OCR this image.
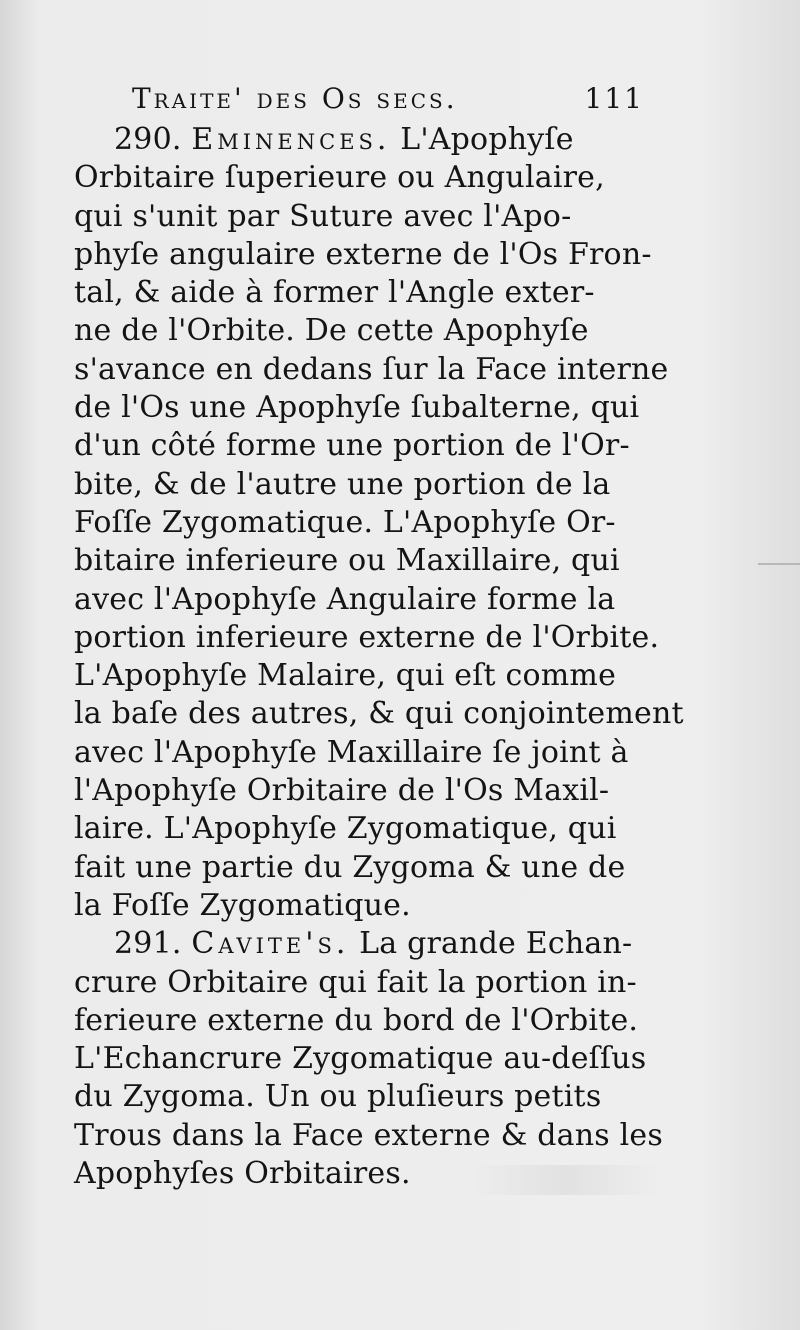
Traite' des Os secs.	111
290. Eminences. L'Apophyſe
Orbitaire ſuperieure ou Angulaire,
qui s'unit par Suture avec l'Apo-
phyſe angulaire externe de l'Os Fron-
tal, & aide à former l'Angle exter-
ne de l'Orbite. De cette Apophyſe
s'avance en dedans ſur la Face interne
de l'Os une Apophyſe ſubalterne, qui
d'un côté forme une portion de l'Or-
bite, & de l'autre une portion de la
Foſſe Zygomatique. L'Apophyſe Or-
bitaire inferieure ou Maxillaire, qui
avec l'Apophyſe Angulaire forme la
portion inferieure externe de l'Orbite.
L'Apophyſe Malaire, qui eſt comme
la baſe des autres, & qui conjointement
avec l'Apophyſe Maxillaire ſe joint à
l'Apophyſe Orbitaire de l'Os Maxil-
laire. L'Apophyſe Zygomatique, qui
fait une partie du Zygoma & une de
la Foſſe Zygomatique.
291. Cavite's. La grande Echan-
crure Orbitaire qui fait la portion in-
ferieure externe du bord de l'Orbite.
L'Echancrure Zygomatique au-deſſus
du Zygoma. Un ou pluſieurs petits
Trous dans la Face externe & dans les
Apophyſes Orbitaires.
